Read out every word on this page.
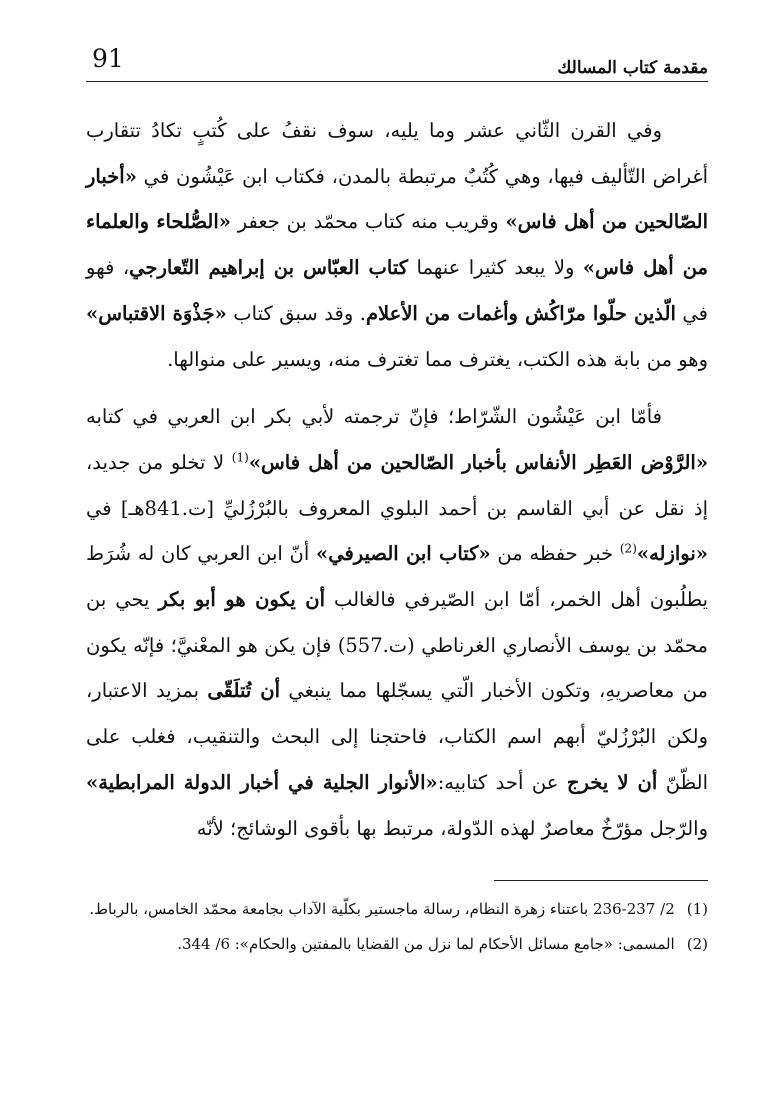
مقدمة كتاب المسالك
91

وفي القرن الثّاني عشر وما يليه، سوف نقفُ على كُتبٍ تكادُ تتقارب أغراض التّأليف فيها، وهي كُتُبٌ مرتبطة بالمدن، فكتاب ابن عَيْشُون في «أخبار الصّالحين من أهل فاس» وقريب منه كتاب محمّد بن جعفر «الصُّلحاء والعلماء من أهل فاس» ولا يبعد كثيرا عنهما كتاب العبّاس بن إبراهيم التّعارجي، فهو في الّذين حلّوا مرّاكُش وأغمات من الأعلام. وقد سبق كتاب «جَذْوَة الاقتباس» وهو من بابة هذه الكتب، يغترف مما تغترف منه، ويسير على منوالها.

فأمّا ابن عَيْشُون الشّرّاط؛ فإنّ ترجمته لأبي بكر ابن العربي في كتابه «الرَّوْض العَطِر الأنفاس بأخبار الصّالحين من أهل فاس»$^{(1)}$ لا تخلو من جديد، إذ نقل عن أبي القاسم بن أحمد البلوي المعروف بالبُرْزُليِّ [ت.841هـ] في «نوازله»$^{(2)}$ خبر حفظه من «كتاب ابن الصيرفي» أنّ ابن العربي كان له شُرَط يطلُبون أهل الخمر، أمّا ابن الصّيرفي فالغالب أن يكون هو أبو بكر يحي بن محمّد بن يوسف الأنصاري الغرناطي (ت.557) فإن يكن هو المعْنيَّ؛ فإنّه يكون من معاصريهِ، وتكون الأخبار الّتي يسجّلها مما ينبغي أن تُتلَقّى بمزيد الاعتبار، ولكن البُرْزُليّ أبهم اسم الكتاب، فاحتجنا إلى البحث والتنقيب، فغلب على الظّنّ أن لا يخرج عن أحد كتابيه:«الأنوار الجلية في أخبار الدولة المرابطية» والرّجل مؤرّخٌ معاصرٌ لهذه الدّولة، مرتبط بها بأقوى الوشائج؛ لأنّه

(1)2/ 236-237 باعتناء زهرة النظام، رسالة ماجستير بكلّية الآداب بجامعة محمّد الخامس، بالرباط.

(2)المسمى: «جامع مسائل الأحكام لما نزل من القضايا بالمفتين والحكام»: 6/ 344.
